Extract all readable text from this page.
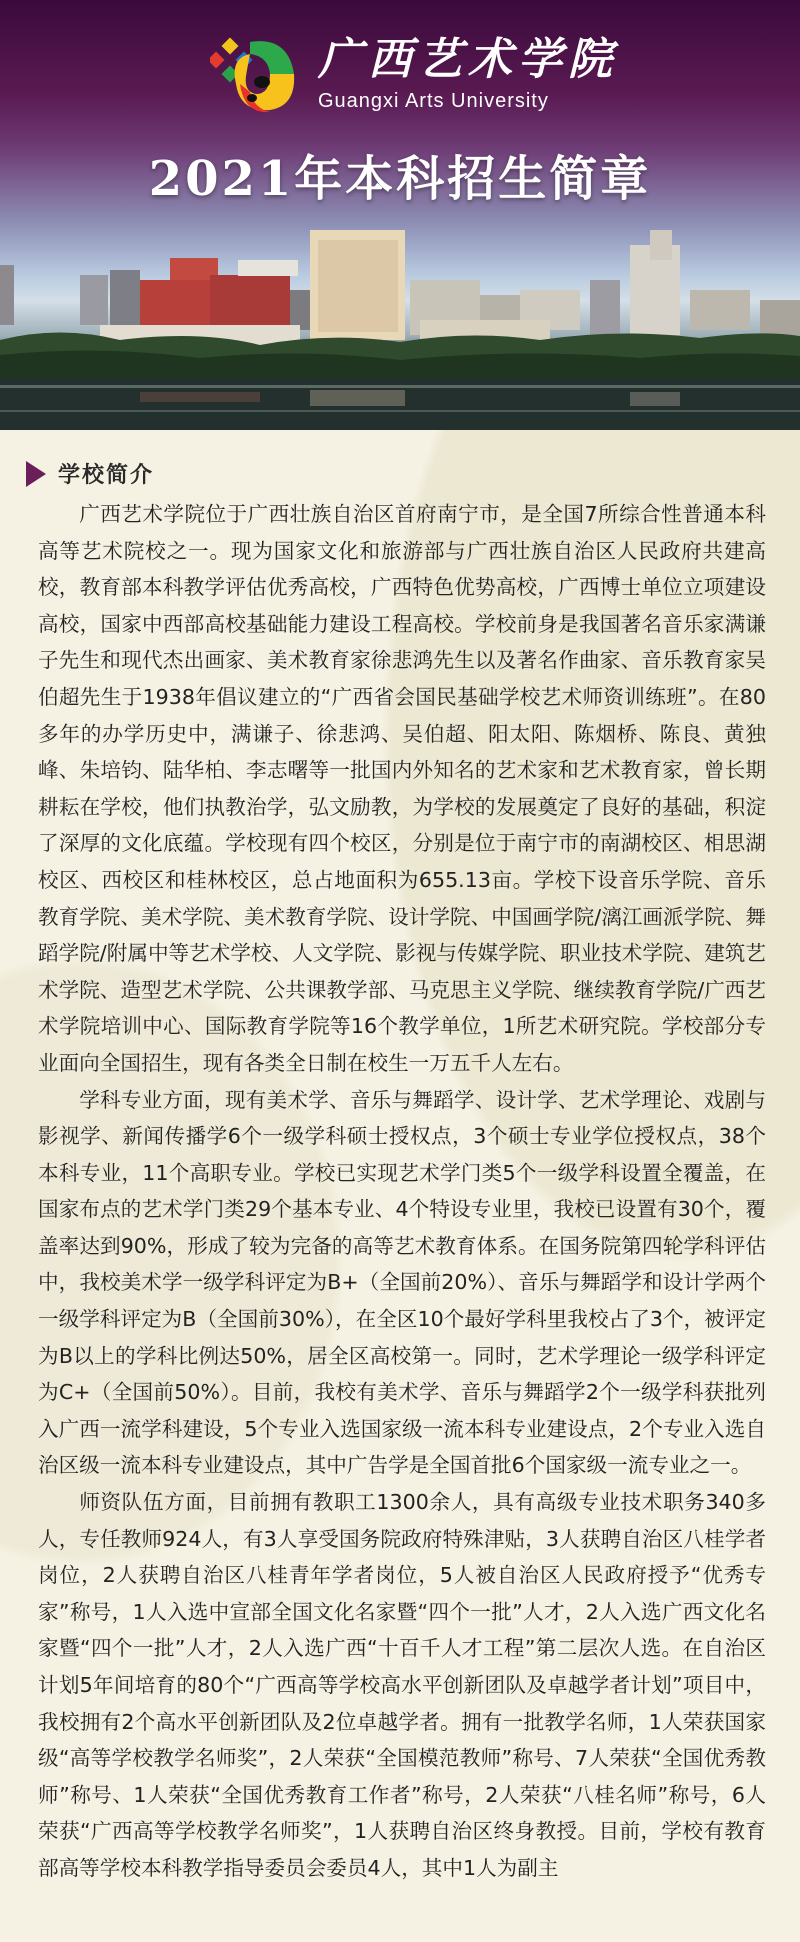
广西艺术学院
Guangxi Arts University
2021年本科招生简章
学校简介

广西艺术学院位于广西壮族自治区首府南宁市，是全国7所综合性普通本科高等艺术院校之一。现为国家文化和旅游部与广西壮族自治区人民政府共建高校，教育部本科教学评估优秀高校，广西特色优势高校，广西博士单位立项建设高校，国家中西部高校基础能力建设工程高校。学校前身是我国著名音乐家满谦子先生和现代杰出画家、美术教育家徐悲鸿先生以及著名作曲家、音乐教育家吴伯超先生于1938年倡议建立的“广西省会国民基础学校艺术师资训练班”。在80多年的办学历史中，满谦子、徐悲鸿、吴伯超、阳太阳、陈烟桥、陈良、黄独峰、朱培钧、陆华柏、李志曙等一批国内外知名的艺术家和艺术教育家，曾长期耕耘在学校，他们执教治学，弘文励教，为学校的发展奠定了良好的基础，积淀了深厚的文化底蕴。学校现有四个校区，分别是位于南宁市的南湖校区、相思湖校区、西校区和桂林校区，总占地面积为655.13亩。学校下设音乐学院、音乐教育学院、美术学院、美术教育学院、设计学院、中国画学院/漓江画派学院、舞蹈学院/附属中等艺术学校、人文学院、影视与传媒学院、职业技术学院、建筑艺术学院、造型艺术学院、公共课教学部、马克思主义学院、继续教育学院/广西艺术学院培训中心、国际教育学院等16个教学单位，1所艺术研究院。学校部分专业面向全国招生，现有各类全日制在校生一万五千人左右。

学科专业方面，现有美术学、音乐与舞蹈学、设计学、艺术学理论、戏剧与影视学、新闻传播学6个一级学科硕士授权点，3个硕士专业学位授权点，38个本科专业，11个高职专业。学校已实现艺术学门类5个一级学科设置全覆盖，在国家布点的艺术学门类29个基本专业、4个特设专业里，我校已设置有30个，覆盖率达到90%，形成了较为完备的高等艺术教育体系。在国务院第四轮学科评估中，我校美术学一级学科评定为B+（全国前20%）、音乐与舞蹈学和设计学两个一级学科评定为B（全国前30%），在全区10个最好学科里我校占了3个，被评定为B以上的学科比例达50%，居全区高校第一。同时，艺术学理论一级学科评定为C+（全国前50%）。目前，我校有美术学、音乐与舞蹈学2个一级学科获批列入广西一流学科建设，5个专业入选国家级一流本科专业建设点，2个专业入选自治区级一流本科专业建设点，其中广告学是全国首批6个国家级一流专业之一。

师资队伍方面，目前拥有教职工1300余人，具有高级专业技术职务340多人，专任教师924人，有3人享受国务院政府特殊津贴，3人获聘自治区八桂学者岗位，2人获聘自治区八桂青年学者岗位，5人被自治区人民政府授予“优秀专家”称号，1人入选中宣部全国文化名家暨“四个一批”人才，2人入选广西文化名家暨“四个一批”人才，2人入选广西“十百千人才工程”第二层次人选。在自治区计划5年间培育的80个“广西高等学校高水平创新团队及卓越学者计划”项目中，我校拥有2个高水平创新团队及2位卓越学者。拥有一批教学名师，1人荣获国家级“高等学校教学名师奖”，2人荣获“全国模范教师”称号、7人荣获“全国优秀教师”称号、1人荣获“全国优秀教育工作者”称号，2人荣获“八桂名师”称号，6人荣获“广西高等学校教学名师奖”，1人获聘自治区终身教授。目前，学校有教育部高等学校本科教学指导委员会委员4人，其中1人为副主
